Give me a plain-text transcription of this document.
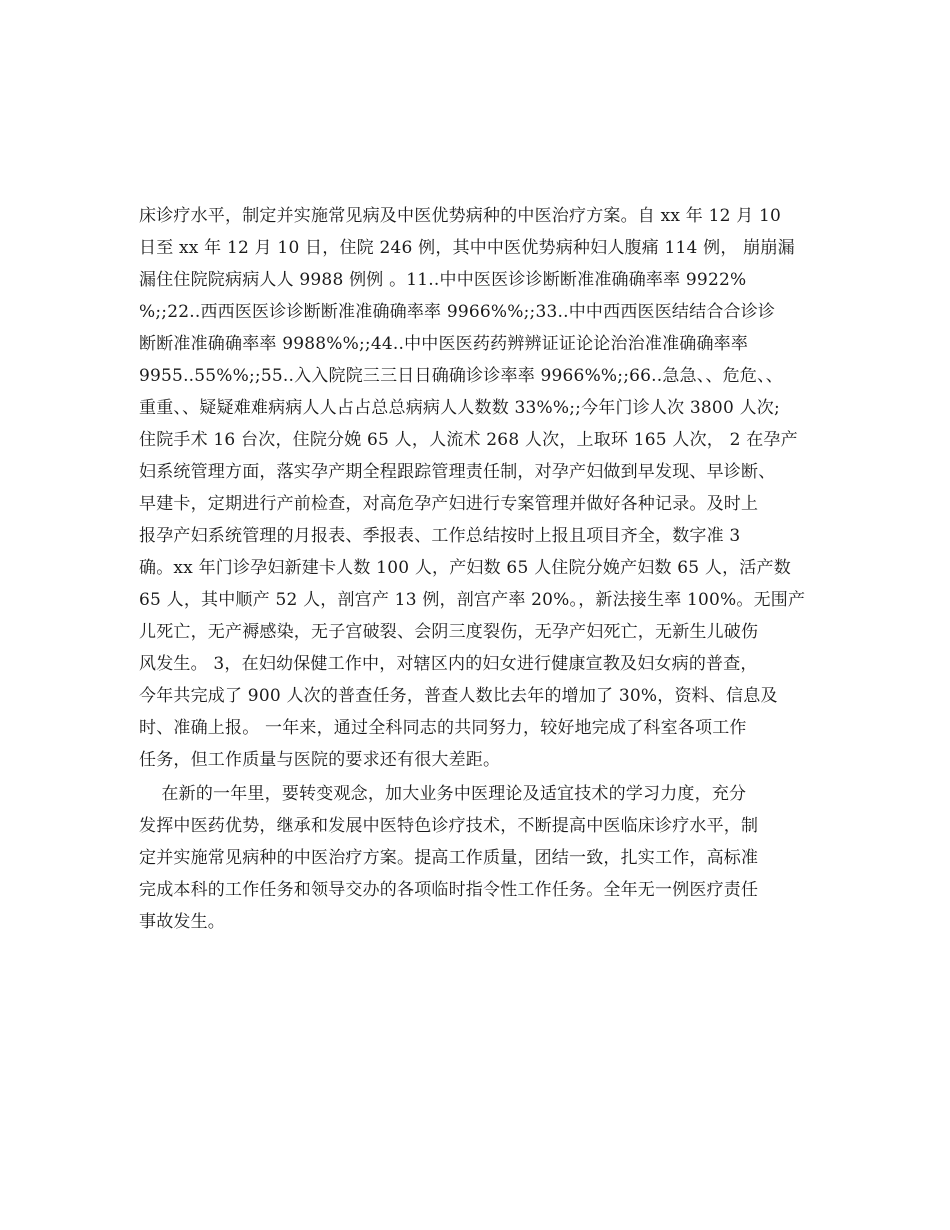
床诊疗水平，制定并实施常见病及中医优势病种的中医治疗方案。自 xx 年 12 月 10
日至 xx 年 12 月 10 日，住院 246 例，其中中医优势病种妇人腹痛 114 例， 崩崩漏
漏住住院院病病人人 9988 例例 。11..中中医医诊诊断断准准确确率率 9922%
%;;22..西西医医诊诊断断准准确确率率 9966%%;;33..中中西西医医结结合合诊诊
断断准准确确率率 9988%%;;44..中中医医药药辨辨证证论论治治准准确确率率
9955..55%%;;55..入入院院三三日日确确诊诊率率 9966%%;;66..急急、、危危、、
重重、、疑疑难难病病人人占占总总病病人人数数 33%%;;今年门诊人次 3800 人次;
住院手术 16 台次，住院分娩 65 人，人流术 268 人次，上取环 165 人次， 2 在孕产
妇系统管理方面，落实孕产期全程跟踪管理责任制，对孕产妇做到早发现、早诊断、
早建卡，定期进行产前检查，对高危孕产妇进行专案管理并做好各种记录。及时上
报孕产妇系统管理的月报表、季报表、工作总结按时上报且项目齐全，数字准 3
确。xx 年门诊孕妇新建卡人数 100 人，产妇数 65 人住院分娩产妇数 65 人，活产数
65 人，其中顺产 52 人，剖宫产 13 例，剖宫产率 20%。，新法接生率 100%。无围产
儿死亡，无产褥感染，无子宫破裂、会阴三度裂伤，无孕产妇死亡，无新生儿破伤
风发生。 3，在妇幼保健工作中，对辖区内的妇女进行健康宣教及妇女病的普查，
今年共完成了 900 人次的普查任务，普查人数比去年的增加了 30%，资料、信息及
时、准确上报。 一年来，通过全科同志的共同努力，较好地完成了科室各项工作
任务，但工作质量与医院的要求还有很大差距。
在新的一年里，要转变观念，加大业务中医理论及适宜技术的学习力度，充分
发挥中医药优势，继承和发展中医特色诊疗技术，不断提高中医临床诊疗水平，制
定并实施常见病种的中医治疗方案。提高工作质量，团结一致，扎实工作，高标准
完成本科的工作任务和领导交办的各项临时指令性工作任务。全年无一例医疗责任
事故发生。
